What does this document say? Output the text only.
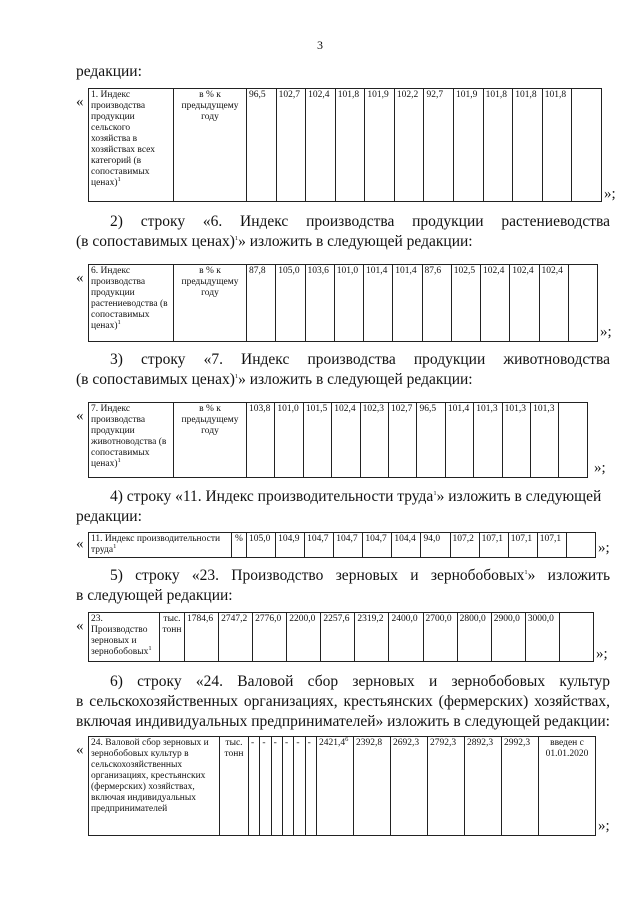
3
редакции:
« 1. Индекс производства продукции сельского хозяйства в хозяйствах всех категорий (в сопоставимых ценах)$^1$	в % к предыдущему году	96,5	102,7	102,4	101,8	101,9	102,2	92,7	101,9	101,8	101,8	101,8	
»;
2) строку «6. Индекс производства продукции растениеводства
(в сопоставимых ценах)$^1$» изложить в следующей редакции:
« 6. Индекс производства продукции растениеводства (в сопоставимых ценах)$^1$	в % к предыдущему году	87,8	105,0	103,6	101,0	101,4	101,4	87,6	102,5	102,4	102,4	102,4	
»;
3) строку «7. Индекс производства продукции животноводства
(в сопоставимых ценах)$^1$» изложить в следующей редакции:
« 7. Индекс производства продукции животноводства (в сопоставимых ценах)$^1$	в % к предыдущему году	103,8	101,0	101,5	102,4	102,3	102,7	96,5	101,4	101,3	101,3	101,3	
»;
4) строку «11. Индекс производительности труда$^1$» изложить в следующей
редакции:
« 11. Индекс производительности труда$^1$	%	105,0	104,9	104,7	104,7	104,7	104,4	94,0	107,2	107,1	107,1	107,1	
»;
5) строку «23. Производство зерновых и зернобобовых$^1$» изложить
в следующей редакции:
« 23. Производство зерновых и зернобобовых$^1$	тыс. тонн	1784,6	2747,2	2776,0	2200,0	2257,6	2319,2	2400,0	2700,0	2800,0	2900,0	3000,0	
»;
6) строку «24. Валовой сбор зерновых и зернобобовых культур
в сельскохозяйственных организациях, крестьянских (фермерских) хозяйствах,
включая индивидуальных предпринимателей» изложить в следующей редакции:
« 24. Валовой сбор зерновых и зернобобовых культур в сельскохозяйственных организациях, крестьянских (фермерских) хозяйствах, включая индивидуальных предпринимателей	тыс. тонн	-	-	-	-	-	-	2421,4$^6$	2392,8	2692,3	2792,3	2892,3	2992,3	введен с 01.01.2020
»;
